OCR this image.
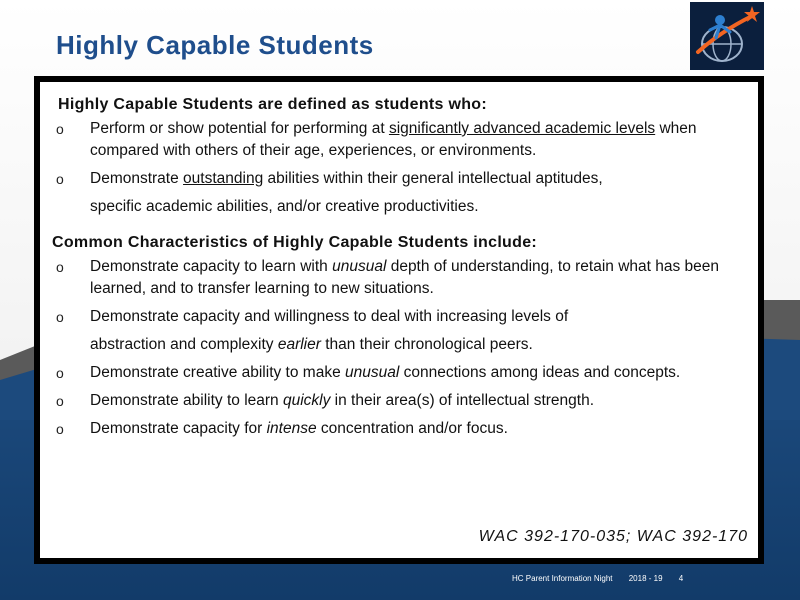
Highly Capable Students
Highly Capable Students are defined as students who:
o Perform or show potential for performing at significantly advanced academic levels when compared with others of their age, experiences, or environments.
o Demonstrate outstanding abilities within their general intellectual aptitudes,
specific academic abilities, and/or creative productivities.
Common Characteristics of Highly Capable Students include:
o Demonstrate capacity to learn with unusual depth of understanding, to retain what has been learned, and to transfer learning to new situations.
o Demonstrate capacity and willingness to deal with increasing levels of
abstraction and complexity earlier than their chronological peers.
o Demonstrate creative ability to make unusual connections among ideas and concepts.
o Demonstrate ability to learn quickly in their area(s) of intellectual strength.
o Demonstrate capacity for intense concentration and/or focus.
WAC 392-170-035; WAC 392-170
HC Parent Information Night 2018 - 19 4
